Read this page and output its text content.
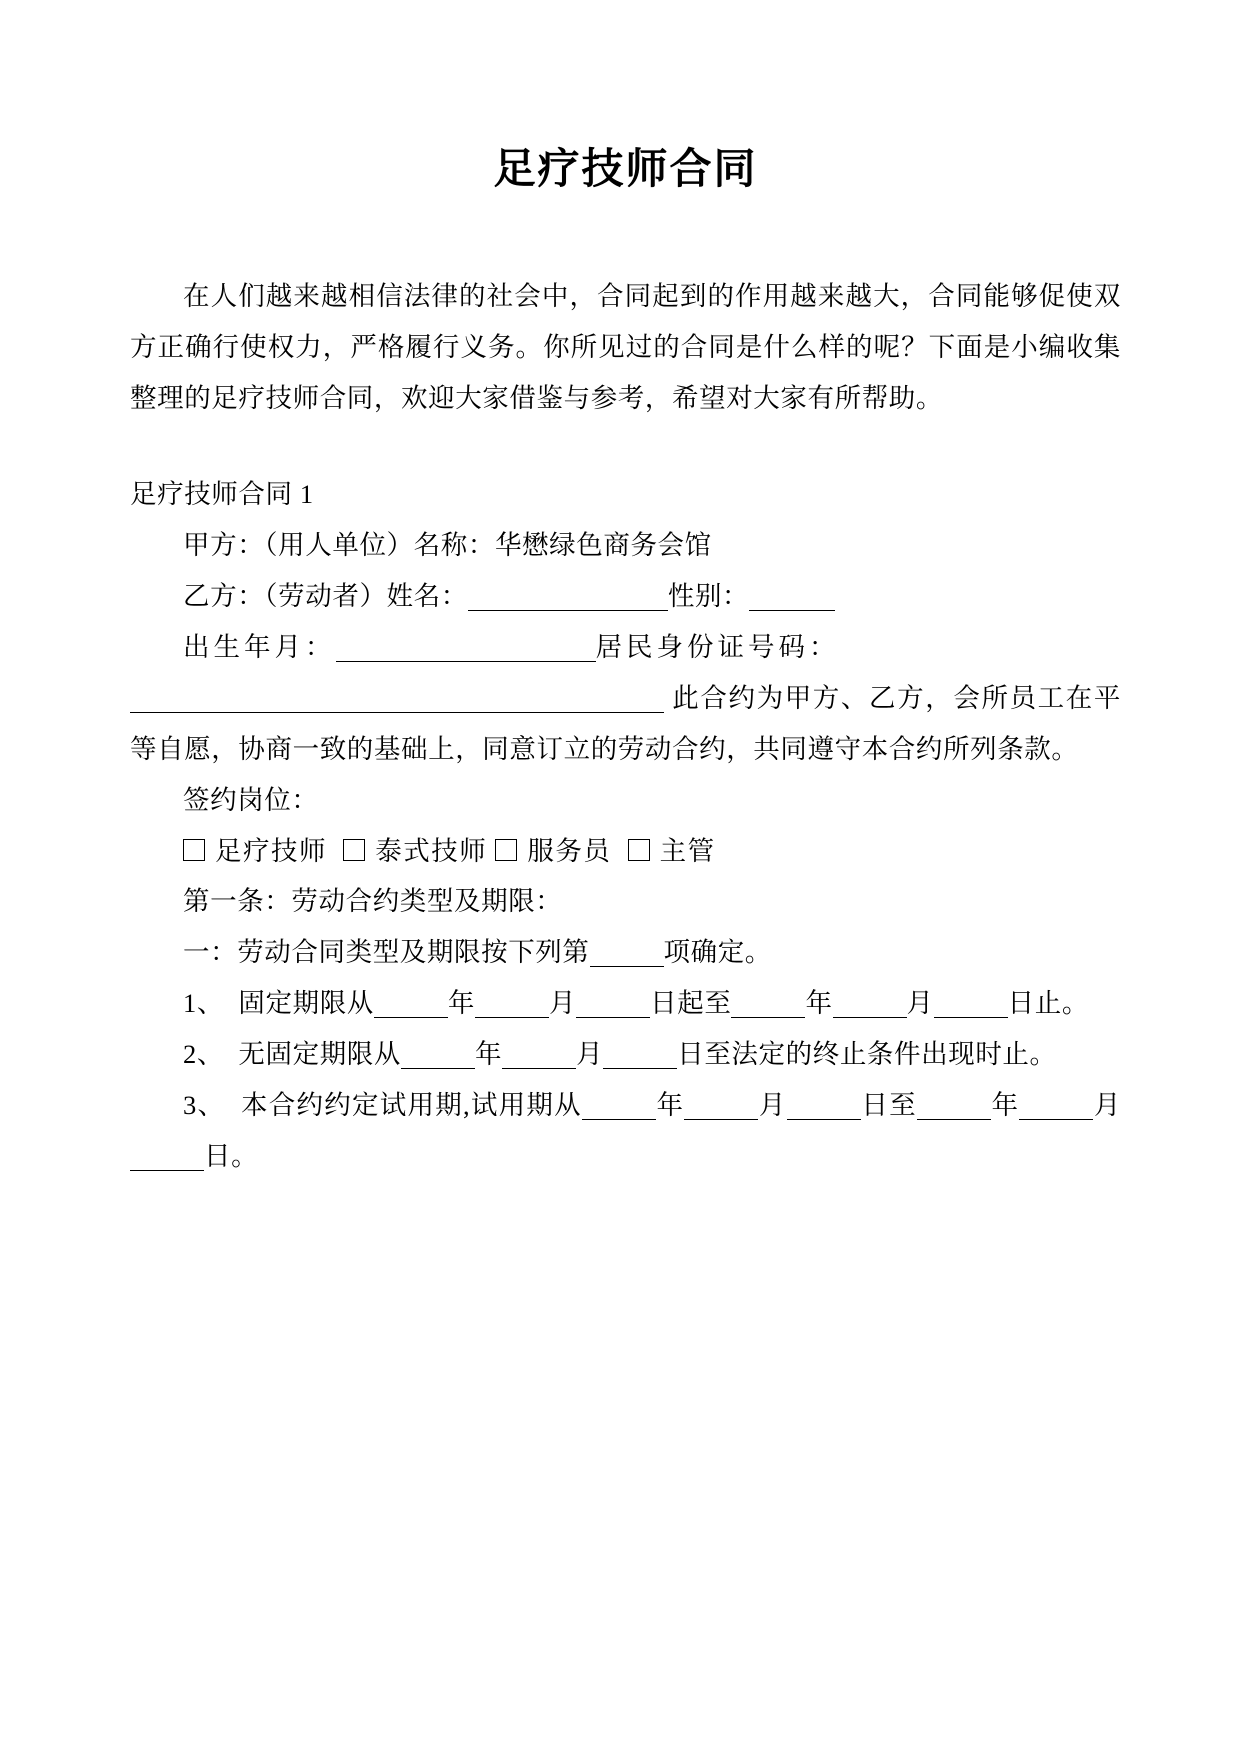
足疗技师合同

在人们越来越相信法律的社会中，合同起到的作用越来越大，合同能够促使双方正确行使权力，严格履行义务。你所见过的合同是什么样的呢？下面是小编收集整理的足疗技师合同，欢迎大家借鉴与参考，希望对大家有所帮助。

足疗技师合同 1

甲方：（用人单位）名称：华懋绿色商务会馆

乙方：（劳动者）姓名：	性别：

出生年月：	居民身份证号码：

此合约为甲方、乙方，会所员工在平等自愿，协商一致的基础上，同意订立的劳动合约，共同遵守本合约所列条款。

签约岗位：

足疗技师 泰式技师 服务员 主管

第一条：劳动合约类型及期限：

一：劳动合同类型及期限按下列第	项确定。

1、 固定期限从	年	月	日起至	年	月	日止。

2、 无固定期限从	年	月	日至法定的终止条件出现时止。

3、 本合约约定试用期,试用期从	年	月	日至	年	月日。
